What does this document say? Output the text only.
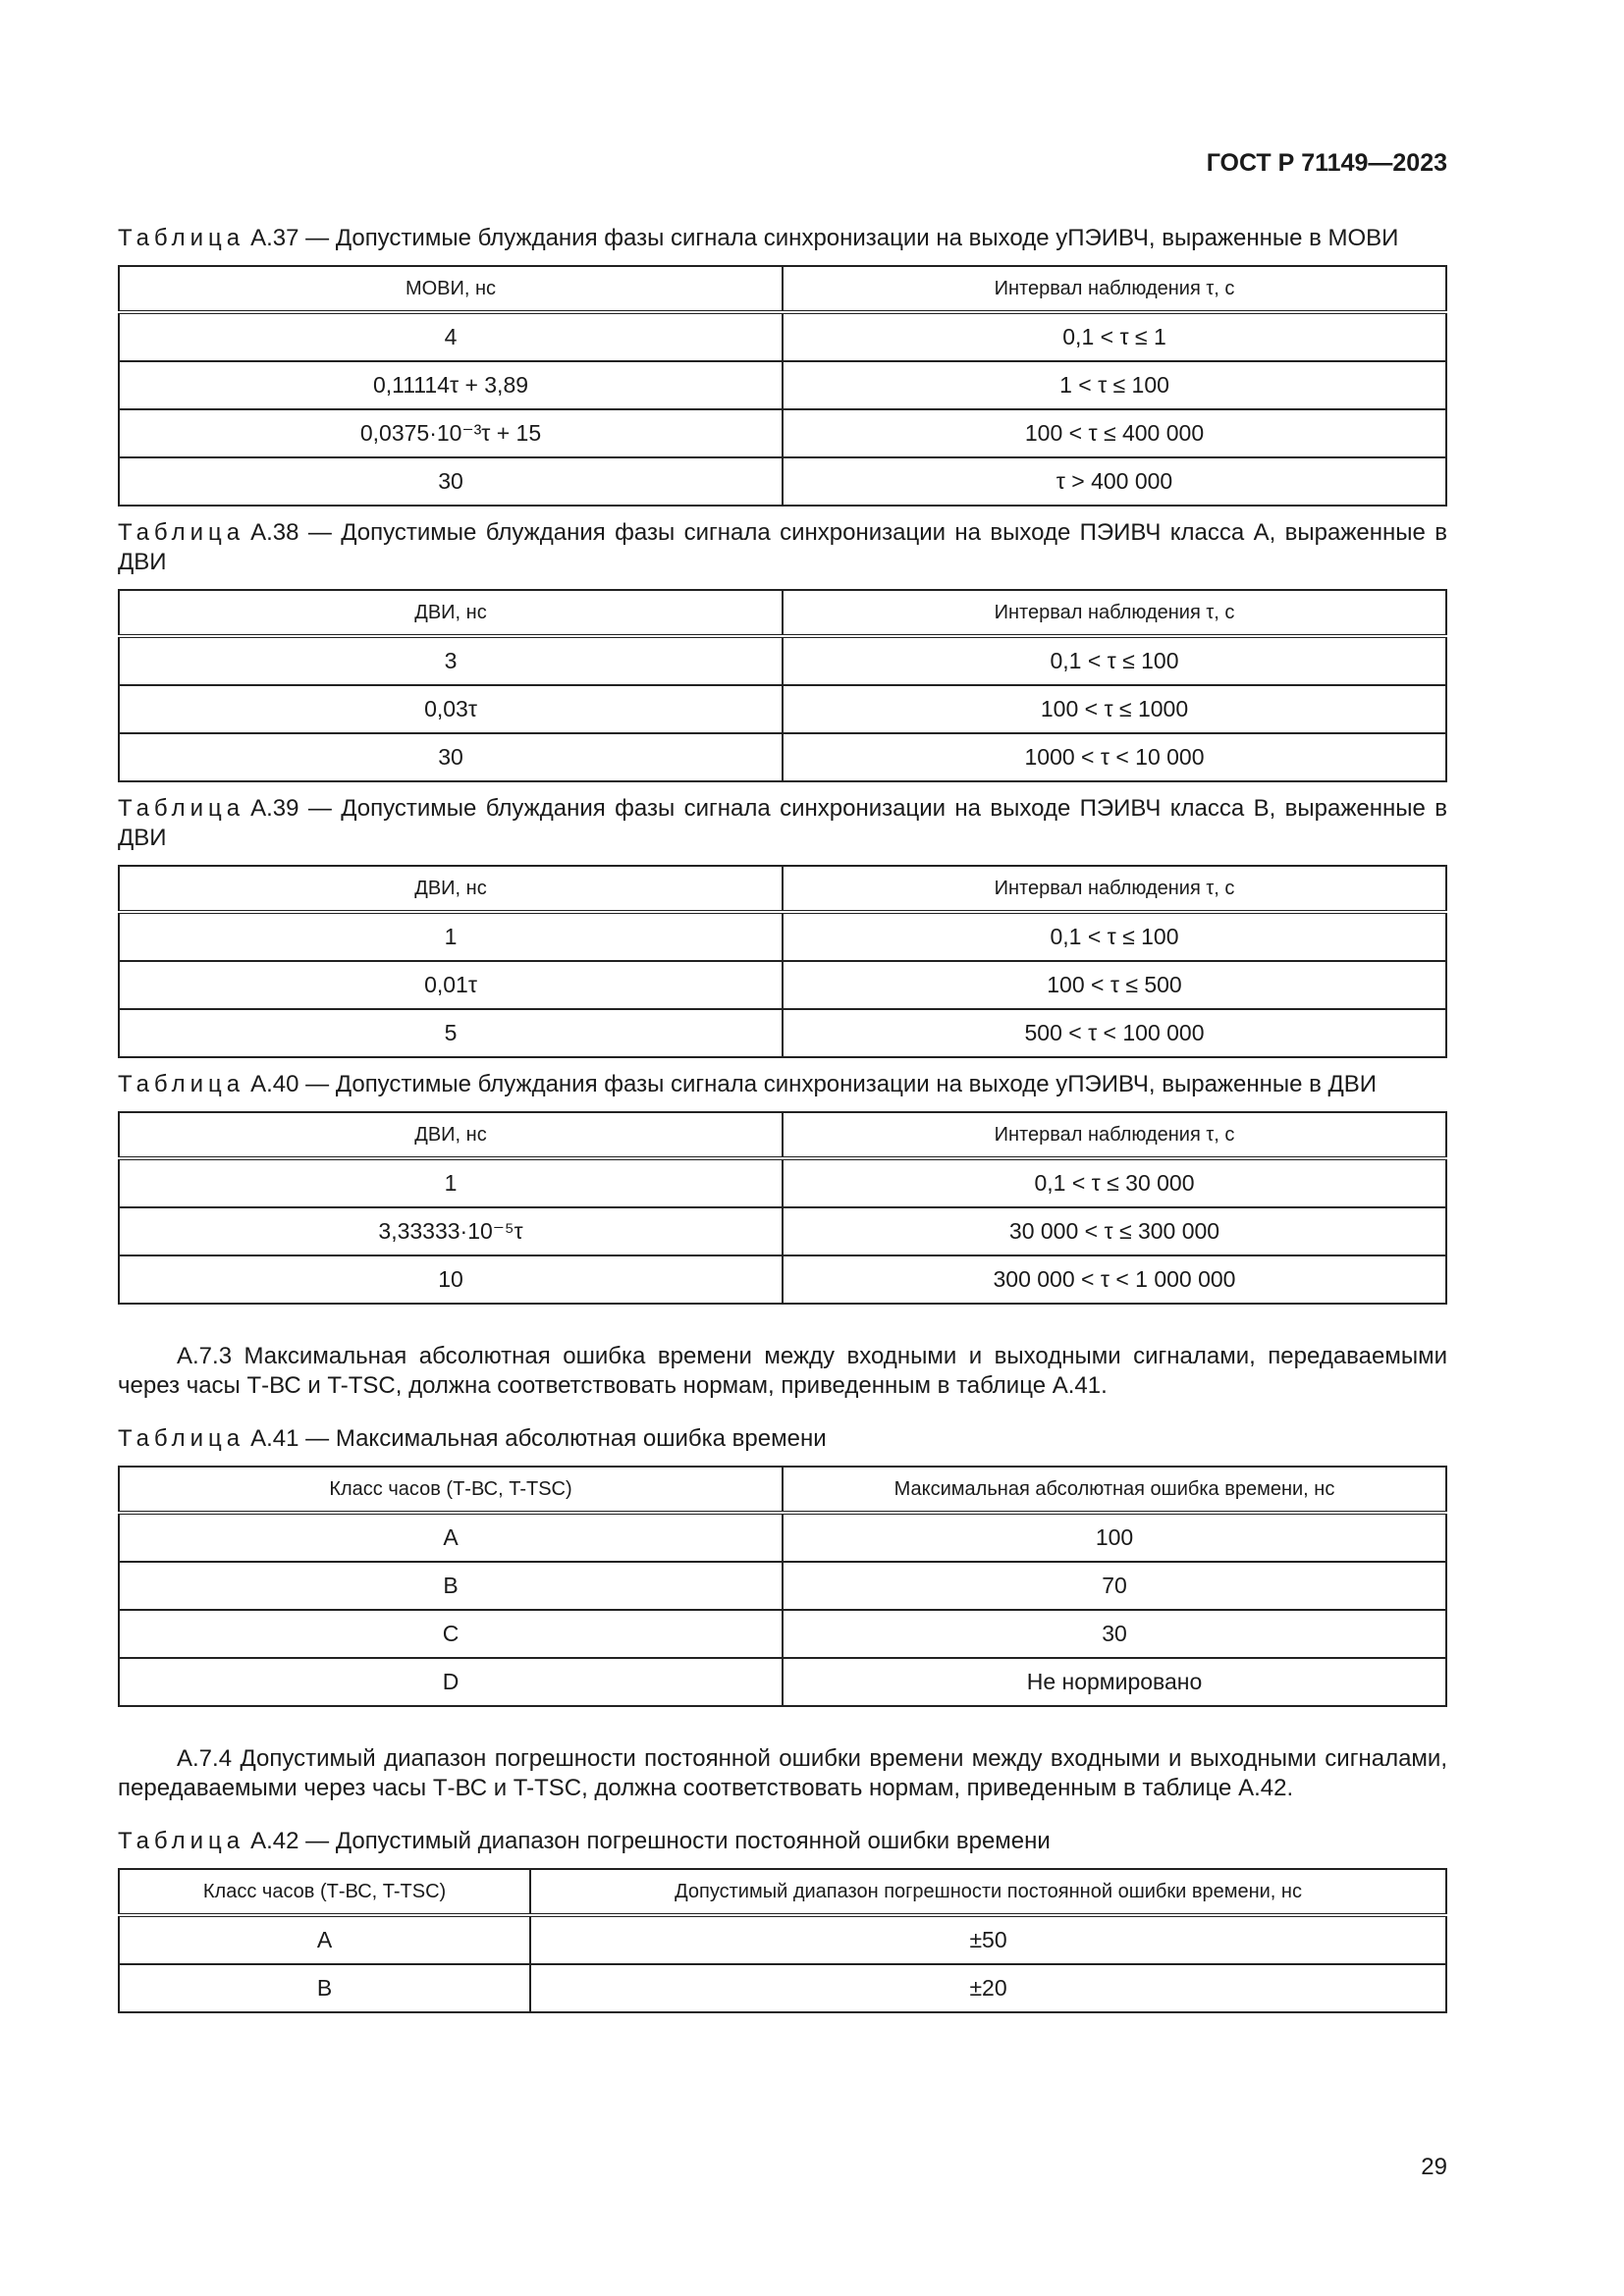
ГОСТ Р 71149—2023

Таблица А.37 — Допустимые блуждания фазы сигнала синхронизации на выходе уПЭИВЧ, выраженные в МОВИ

МОВИ, нс	Интервал наблюдения τ, с
4	0,1 < τ ≤ 1
0,11114τ + 3,89	1 < τ ≤ 100
0,0375·10⁻³τ + 15	100 < τ ≤ 400 000
30	τ > 400 000

Таблица А.38 — Допустимые блуждания фазы сигнала синхронизации на выходе ПЭИВЧ класса А, выраженные в ДВИ

ДВИ, нс	Интервал наблюдения τ, с
3	0,1 < τ ≤ 100
0,03τ	100 < τ ≤ 1000
30	1000 < τ < 10 000

Таблица А.39 — Допустимые блуждания фазы сигнала синхронизации на выходе ПЭИВЧ класса В, выраженные в ДВИ

ДВИ, нс	Интервал наблюдения τ, с
1	0,1 < τ ≤ 100
0,01τ	100 < τ ≤ 500
5	500 < τ < 100 000

Таблица А.40 — Допустимые блуждания фазы сигнала синхронизации на выходе уПЭИВЧ, выраженные в ДВИ

ДВИ, нс	Интервал наблюдения τ, с
1	0,1 < τ ≤ 30 000
3,33333·10⁻⁵τ	30 000 < τ ≤ 300 000
10	300 000 < τ < 1 000 000

А.7.3 Максимальная абсолютная ошибка времени между входными и выходными сигналами, передаваемыми через часы Т-ВС и T-TSC, должна соответствовать нормам, приведенным в таблице А.41.

Таблица А.41 — Максимальная абсолютная ошибка времени

Класс часов (Т-ВС, T-TSC)	Максимальная абсолютная ошибка времени, нс
A	100
B	70
C	30
D	Не нормировано

А.7.4 Допустимый диапазон погрешности постоянной ошибки времени между входными и выходными сигналами, передаваемыми через часы Т-ВС и T-TSC, должна соответствовать нормам, приведенным в таблице А.42.

Таблица А.42 — Допустимый диапазон погрешности постоянной ошибки времени

Класс часов (Т-ВС, T-TSC)	Допустимый диапазон погрешности постоянной ошибки времени, нс
A	±50
B	±20
29
